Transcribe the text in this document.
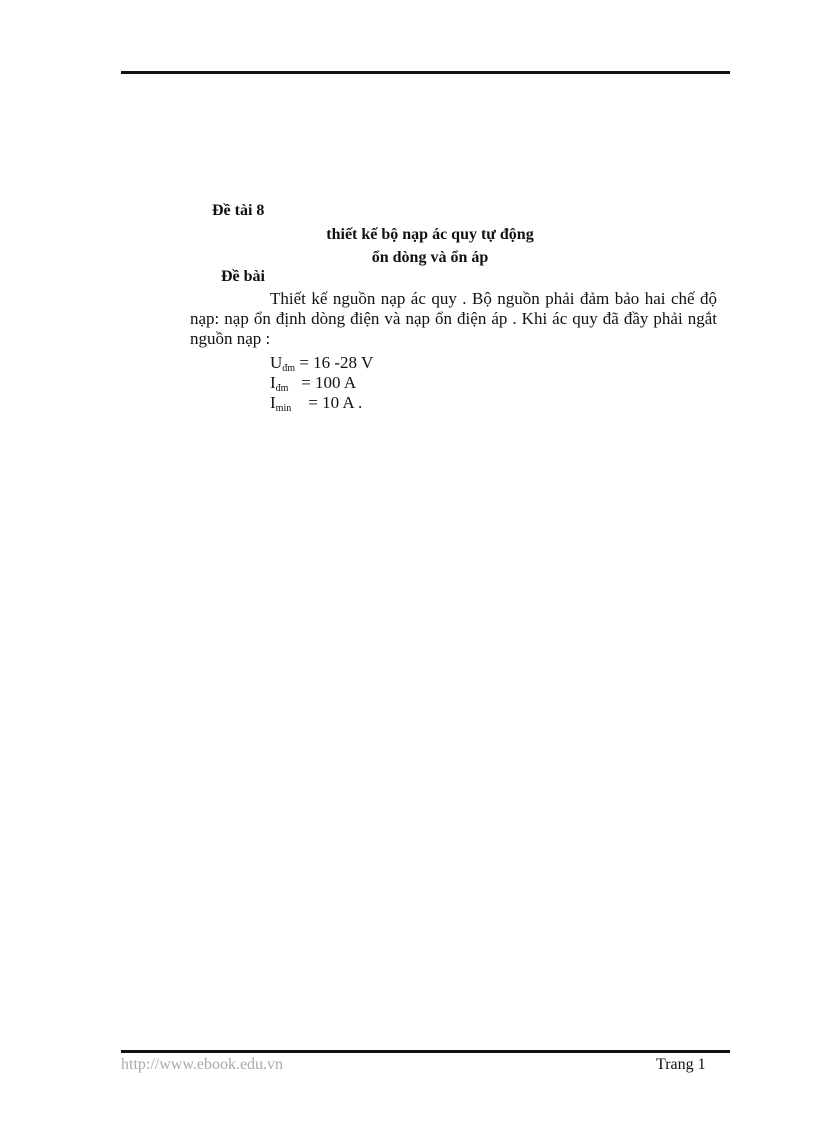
Đề tài 8
thiết kế bộ nạp ác quy tự động
ổn dòng và ổn áp
Đề bài

Thiết kế nguồn nạp ác quy . Bộ nguồn phải đảm bảo hai chế độ nạp: nạp ổn định dòng điện và nạp ổn điện áp . Khi ác quy đã đầy phải ngắt nguồn nạp :

$U_{đm} = 16$ -28 V
$I_{đm} = 100$ A
$I_{min}$    = 10 A .
http://www.ebook.edu.vn	Trang 1
